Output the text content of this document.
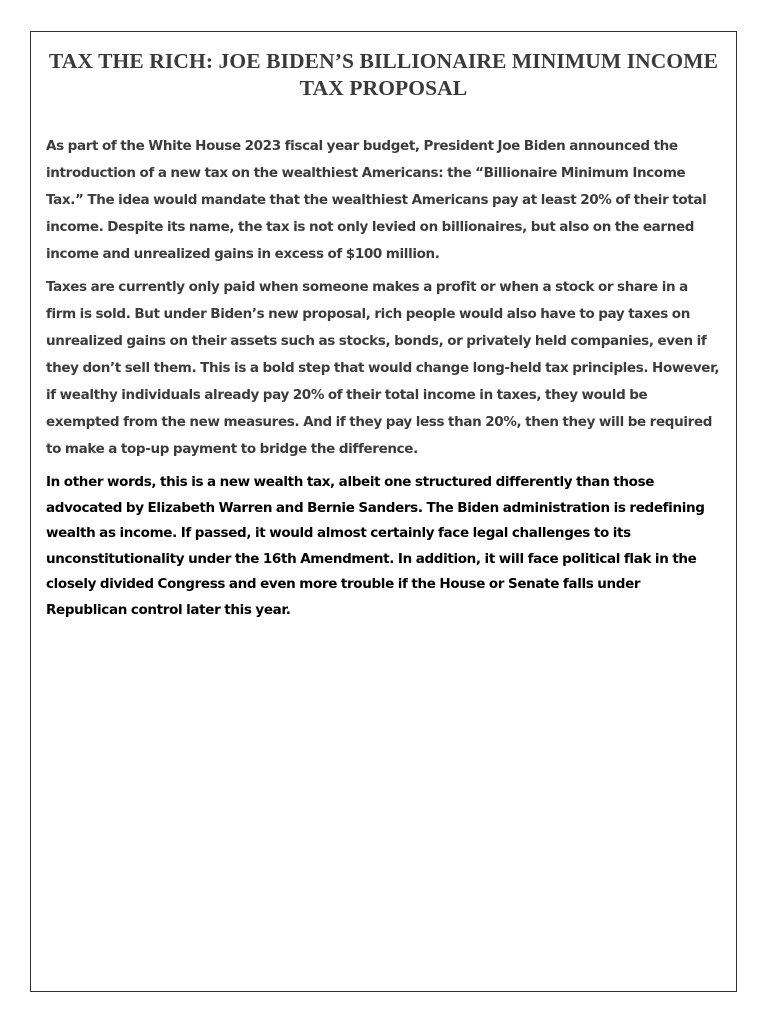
TAX THE RICH: JOE BIDEN’S BILLIONAIRE MINIMUM INCOME TAX PROPOSAL

As part of the White House 2023 fiscal year budget, President Joe Biden announced the introduction of a new tax on the wealthiest Americans: the “Billionaire Minimum Income Tax.” The idea would mandate that the wealthiest Americans pay at least 20% of their total income. Despite its name, the tax is not only levied on billionaires, but also on the earned income and unrealized gains in excess of $100 million.

Taxes are currently only paid when someone makes a profit or when a stock or share in a firm is sold. But under Biden’s new proposal, rich people would also have to pay taxes on unrealized gains on their assets such as stocks, bonds, or privately held companies, even if they don’t sell them. This is a bold step that would change long-held tax principles. However, if wealthy individuals already pay 20% of their total income in taxes, they would be exempted from the new measures. And if they pay less than 20%, then they will be required to make a top-up payment to bridge the difference.

In other words, this is a new wealth tax, albeit one structured differently than those advocated by Elizabeth Warren and Bernie Sanders. The Biden administration is redefining wealth as income. If passed, it would almost certainly face legal challenges to its unconstitutionality under the 16th Amendment. In addition, it will face political flak in the closely divided Congress and even more trouble if the House or Senate falls under Republican control later this year.
